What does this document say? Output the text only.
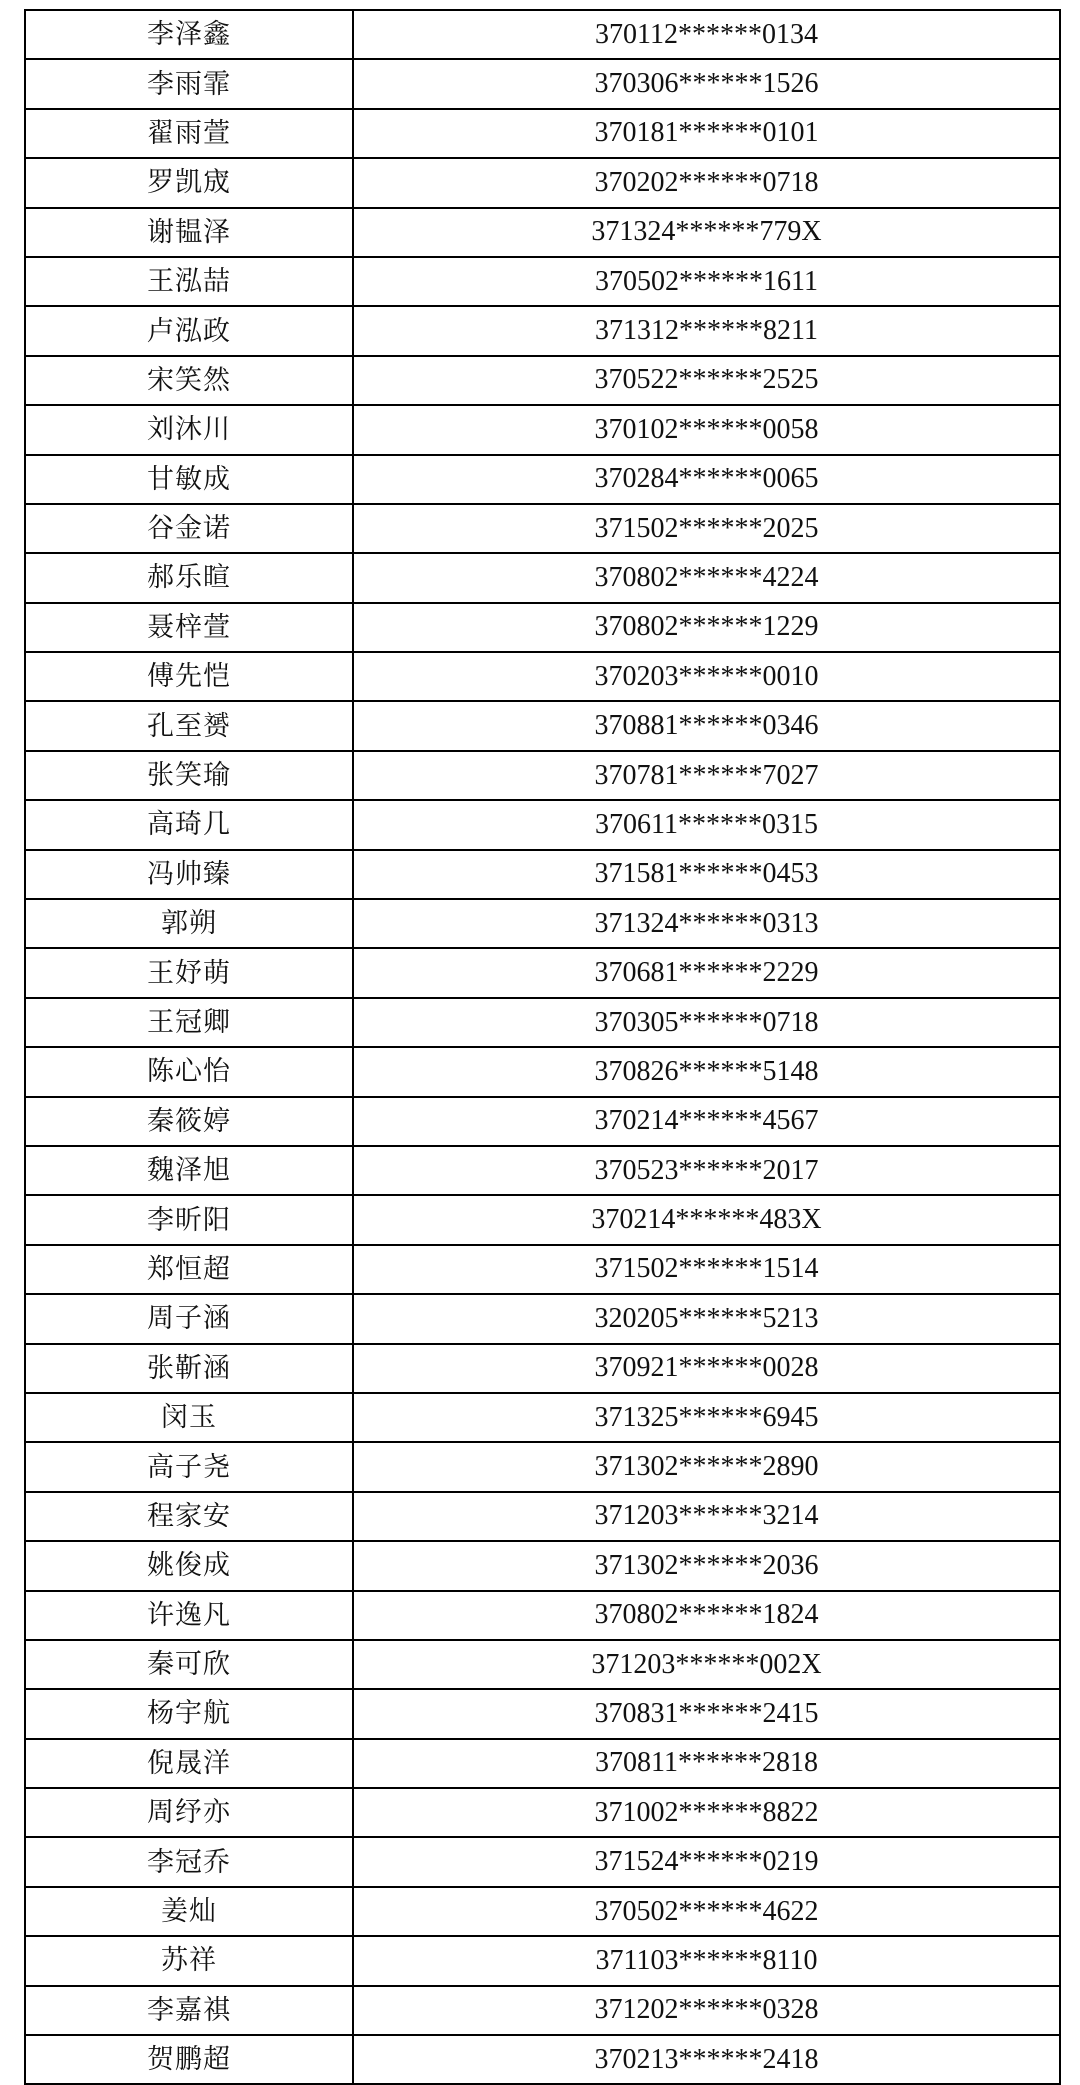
李泽鑫	370112******0134
李雨霏	370306******1526
翟雨萱	370181******0101
罗凯宬	370202******0718
谢韫泽	371324******779X
王泓喆	370502******1611
卢泓政	371312******8211
宋笑然	370522******2525
刘沐川	370102******0058
甘敏成	370284******0065
谷金诺	371502******2025
郝乐暄	370802******4224
聂梓萱	370802******1229
傅先恺	370203******0010
孔至赟	370881******0346
张笑瑜	370781******7027
高琦几	370611******0315
冯帅臻	371581******0453
郭朔	371324******0313
王妤萌	370681******2229
王冠卿	370305******0718
陈心怡	370826******5148
秦筱婷	370214******4567
魏泽旭	370523******2017
李昕阳	370214******483X
郑恒超	371502******1514
周子涵	320205******5213
张靳涵	370921******0028
闵玉	371325******6945
高子尧	371302******2890
程家安	371203******3214
姚俊成	371302******2036
许逸凡	370802******1824
秦可欣	371203******002X
杨宇航	370831******2415
倪晟洋	370811******2818
周纾亦	371002******8822
李冠乔	371524******0219
姜灿	370502******4622
苏祥	371103******8110
李嘉祺	371202******0328
贺鹏超	370213******2418
